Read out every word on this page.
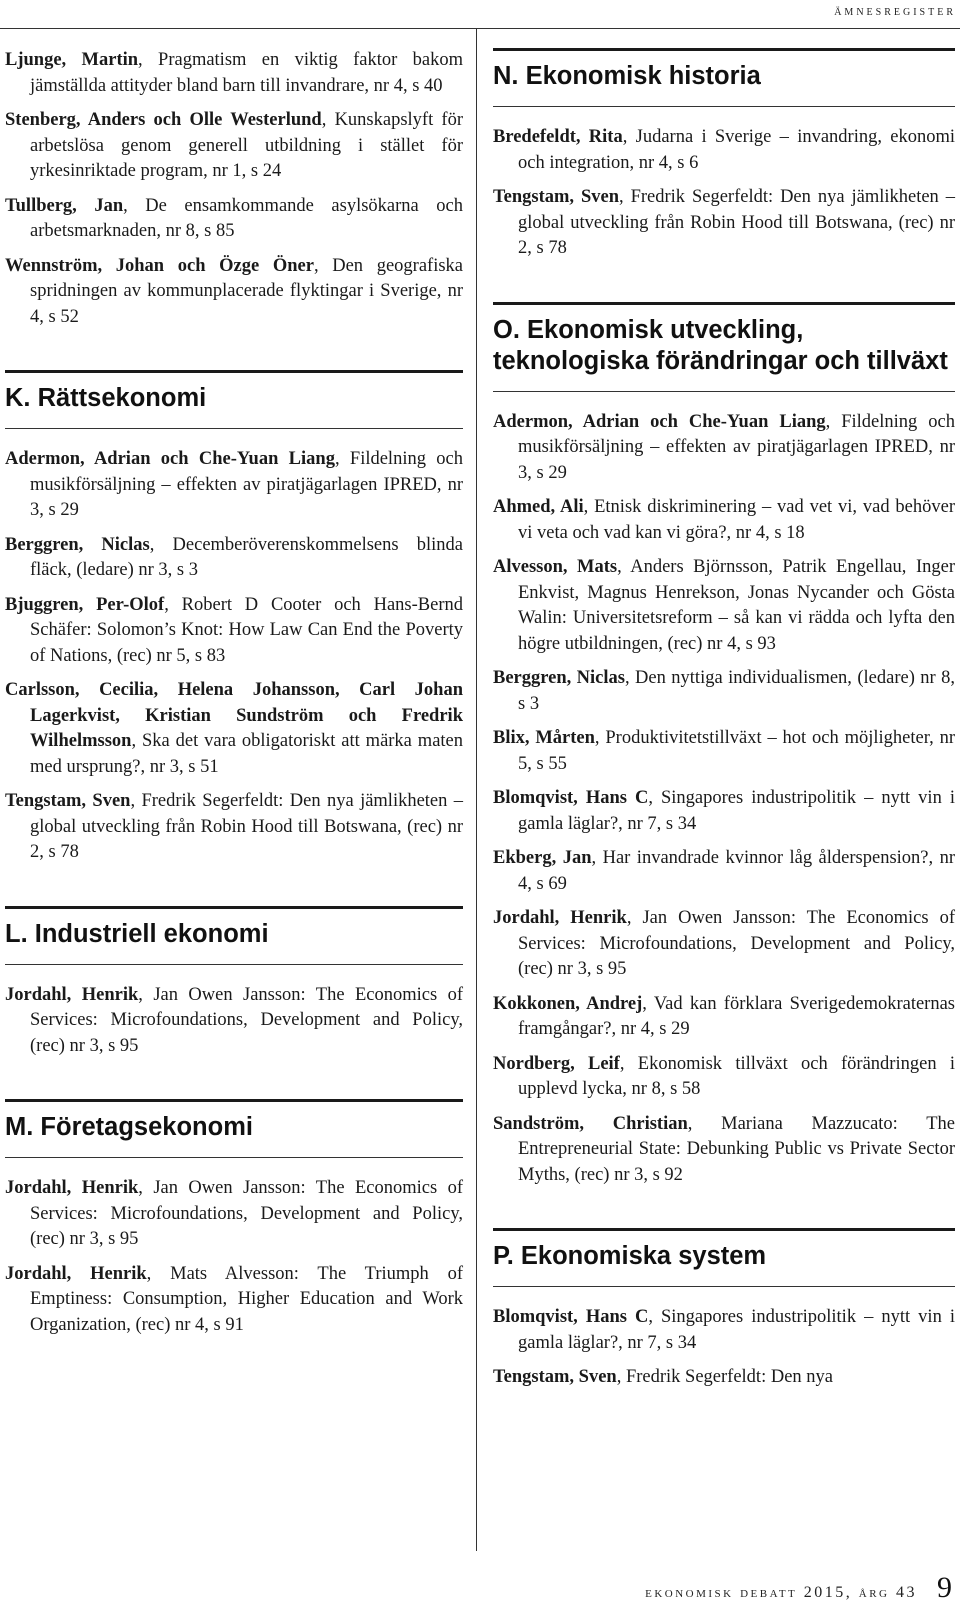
ämnesregister

Ljunge, Martin, Pragmatism en viktig faktor bakom jämställda attityder bland barn till invandrare, nr 4, s 40

Stenberg, Anders och Olle Westerlund, Kunskapslyft för arbetslösa genom generell utbildning i stället för yrkesinriktade program, nr 1, s 24

Tullberg, Jan, De ensamkommande asylsökarna och arbetsmarknaden, nr 8, s 85

Wennström, Johan och Özge Öner, Den geografiska spridningen av kommunplacerade flyktingar i Sverige, nr 4, s 52

K. Rättsekonomi

Adermon, Adrian och Che-Yuan Liang, Fildelning och musikförsäljning – effekten av piratjägarlagen IPRED, nr 3, s 29

Berggren, Niclas, Decemberöverenskommelsens blinda fläck, (ledare) nr 3, s 3

Bjuggren, Per-Olof, Robert D Cooter och Hans-Bernd Schäfer: Solomon’s Knot: How Law Can End the Poverty of Nations, (rec) nr 5, s 83

Carlsson, Cecilia, Helena Johansson, Carl Johan Lagerkvist, Kristian Sundström och Fredrik Wilhelmsson, Ska det vara obligatoriskt att märka maten med ursprung?, nr 3, s 51

Tengstam, Sven, Fredrik Segerfeldt: Den nya jämlikheten – global utveckling från Robin Hood till Botswana, (rec) nr 2, s 78

L. Industriell ekonomi

Jordahl, Henrik, Jan Owen Jansson: The Economics of Services: Microfoundations, Development and Policy, (rec) nr 3, s 95

M. Företagsekonomi

Jordahl, Henrik, Jan Owen Jansson: The Economics of Services: Microfoundations, Development and Policy, (rec) nr 3, s 95

Jordahl, Henrik, Mats Alvesson: The Triumph of Emptiness: Consumption, Higher Education and Work Organization, (rec) nr 4, s 91

N. Ekonomisk historia

Bredefeldt, Rita, Judarna i Sverige – invandring, ekonomi och integration, nr 4, s 6

Tengstam, Sven, Fredrik Segerfeldt: Den nya jämlikheten – global utveckling från Robin Hood till Botswana, (rec) nr 2, s 78

O. Ekonomisk utveckling, teknologiska förändringar och tillväxt

Adermon, Adrian och Che-Yuan Liang, Fildelning och musikförsäljning – effekten av piratjägarlagen IPRED, nr 3, s 29

Ahmed, Ali, Etnisk diskriminering – vad vet vi, vad behöver vi veta och vad kan vi göra?, nr 4, s 18

Alvesson, Mats, Anders Björnsson, Patrik Engellau, Inger Enkvist, Magnus Henrekson, Jonas Nycander och Gösta Walin: Universitetsreform – så kan vi rädda och lyfta den högre utbildningen, (rec) nr 4, s 93

Berggren, Niclas, Den nyttiga individualismen, (ledare) nr 8, s 3

Blix, Mårten, Produktivitetstillväxt – hot och möjligheter, nr 5, s 55

Blomqvist, Hans C, Singapores industripolitik – nytt vin i gamla läglar?, nr 7, s 34

Ekberg, Jan, Har invandrade kvinnor låg ålderspension?, nr 4, s 69

Jordahl, Henrik, Jan Owen Jansson: The Economics of Services: Microfoundations, Development and Policy, (rec) nr 3, s 95

Kokkonen, Andrej, Vad kan förklara Sverigedemokraternas framgångar?, nr 4, s 29

Nordberg, Leif, Ekonomisk tillväxt och förändringen i upplevd lycka, nr 8, s 58

Sandström, Christian, Mariana Mazzucato: The Entrepreneurial State: Debunking Public vs Private Sector Myths, (rec) nr 3, s 92

P. Ekonomiska system

Blomqvist, Hans C, Singapores industripolitik – nytt vin i gamla läglar?, nr 7, s 34

Tengstam, Sven, Fredrik Segerfeldt: Den nya

ekonomisk debatt 2015, årg 43 9
